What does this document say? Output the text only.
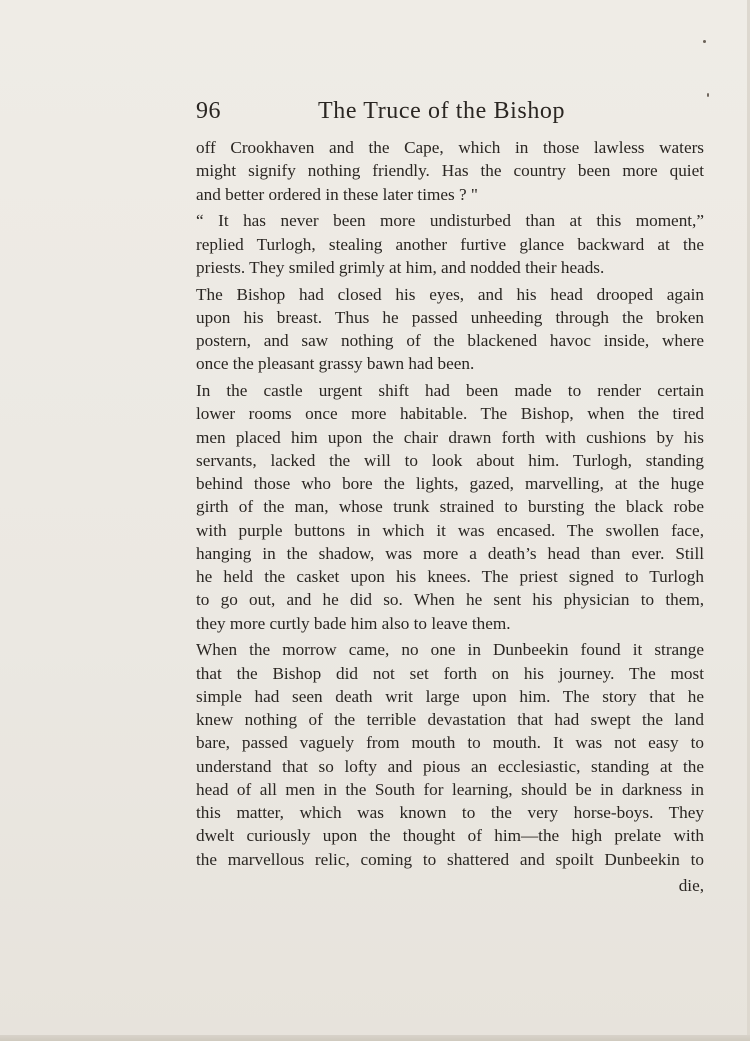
96	The Truce of the Bishop
off Crookhaven and the Cape, which in those lawless waters
might signify nothing friendly. Has the country been more quiet
and better ordered in these later times ? "
“ It has never been more undisturbed than at this moment,”
replied Turlogh, stealing another furtive glance backward at the
priests. They smiled grimly at him, and nodded their heads.
The Bishop had closed his eyes, and his head drooped again
upon his breast. Thus he passed unheeding through the broken
postern, and saw nothing of the blackened havoc inside, where
once the pleasant grassy bawn had been.
In the castle urgent shift had been made to render certain
lower rooms once more habitable. The Bishop, when the tired
men placed him upon the chair drawn forth with cushions by his
servants, lacked the will to look about him. Turlogh, standing
behind those who bore the lights, gazed, marvelling, at the huge
girth of the man, whose trunk strained to bursting the black robe
with purple buttons in which it was encased. The swollen face,
hanging in the shadow, was more a death’s head than ever. Still
he held the casket upon his knees. The priest signed to Turlogh
to go out, and he did so. When he sent his physician to them,
they more curtly bade him also to leave them.
When the morrow came, no one in Dunbeekin found it strange
that the Bishop did not set forth on his journey. The most
simple had seen death writ large upon him. The story that he
knew nothing of the terrible devastation that had swept the land
bare, passed vaguely from mouth to mouth. It was not easy to
understand that so lofty and pious an ecclesiastic, standing at the
head of all men in the South for learning, should be in darkness in
this matter, which was known to the very horse-boys. They
dwelt curiously upon the thought of him—the high prelate with
the marvellous relic, coming to shattered and spoilt Dunbeekin to
die,
